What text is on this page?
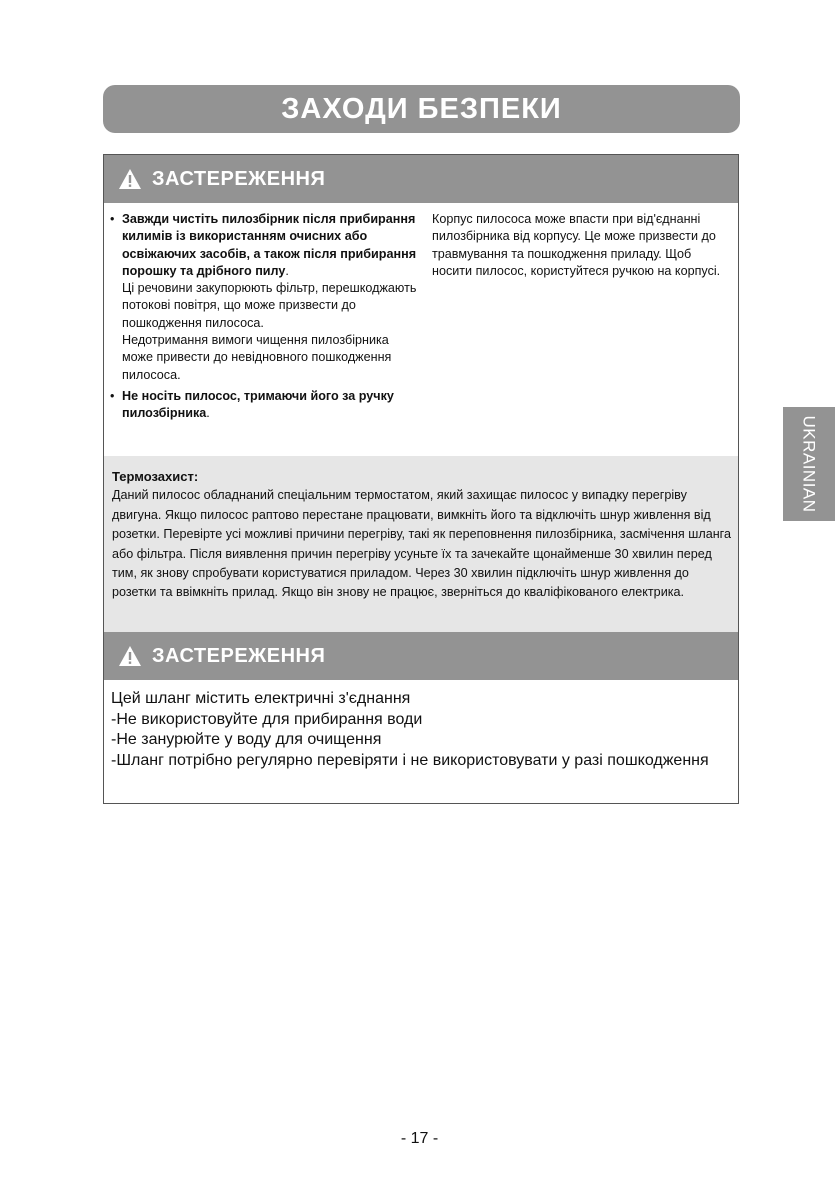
ЗАХОДИ БЕЗПЕКИ
ЗАСТЕРЕЖЕННЯ
• Завжди чистіть пилозбірник після прибирання килимів із використанням очисних або освіжаючих засобів, а також після прибирання порошку та дрібного пилу.
Ці речовини закупорюють фільтр, перешкоджають потокові повітря, що може призвести до пошкодження пилососа.
Недотримання вимоги чищення пилозбірника може привести до невідновного пошкодження пилососа.
• Не носіть пилосос, тримаючи його за ручку пилозбірника.
Корпус пилососа може впасти при від'єднанні пилозбірника від корпусу. Це може призвести до травмування та пошкодження приладу. Щоб носити пилосос, користуйтеся ручкою на корпусі.
Термозахист:
Даний пилосос обладнаний спеціальним термостатом, який захищає пилосос у випадку перегріву двигуна. Якщо пилосос раптово перестане працювати, вимкніть його та відключіть шнур живлення від розетки. Перевірте усі можливі причини перегріву, такі як переповнення пилозбірника, засмічення шланга або фільтра. Після виявлення причин перегріву усуньте їх та зачекайте щонайменше 30 хвилин перед тим, як знову спробувати користуватися приладом. Через 30 хвилин підключіть шнур живлення до розетки та ввімкніть прилад. Якщо він знову не працює, зверніться до кваліфікованого електрика.
ЗАСТЕРЕЖЕННЯ
Цей шланг містить електричні з'єднання
-Не використовуйте для прибирання води
-Не занурюйте у воду для очищення
-Шланг потрібно регулярно перевіряти і не використовувати у разі пошкодження
UKRAINIAN
- 17 -
